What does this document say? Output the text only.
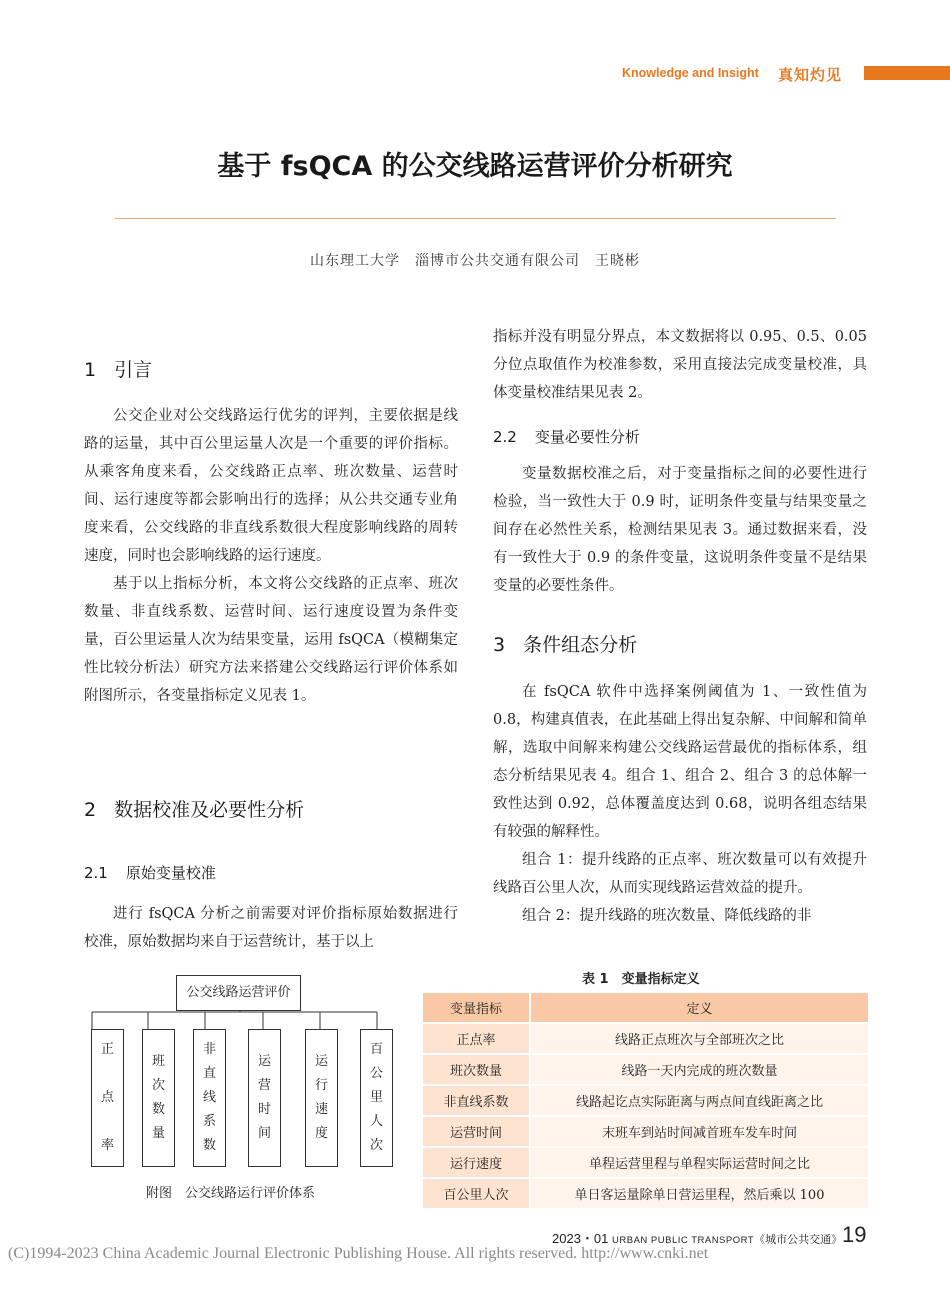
Knowledge and Insight 真知灼见
基于 fsQCA 的公交线路运营评价分析研究
山东理工大学　淄博市公共交通有限公司　王晓彬
1 引言

公交企业对公交线路运行优劣的评判，主要依据是线路的运量，其中百公里运量人次是一个重要的评价指标。从乘客角度来看，公交线路正点率、班次数量、运营时间、运行速度等都会影响出行的选择；从公共交通专业角度来看，公交线路的非直线系数很大程度影响线路的周转速度，同时也会影响线路的运行速度。

基于以上指标分析，本文将公交线路的正点率、班次数量、非直线系数、运营时间、运行速度设置为条件变量，百公里运量人次为结果变量，运用 fsQCA（模糊集定性比较分析法）研究方法来搭建公交线路运行评价体系如附图所示，各变量指标定义见表 1。

2 数据校准及必要性分析
2.1 原始变量校准

进行 fsQCA 分析之前需要对评价指标原始数据进行校准，原始数据均来自于运营统计，基于以上

指标并没有明显分界点，本文数据将以 0.95、0.5、0.05 分位点取值作为校准参数，采用直接法完成变量校准，具体变量校准结果见表 2。

2.2 变量必要性分析

变量数据校准之后，对于变量指标之间的必要性进行检验，当一致性大于 0.9 时，证明条件变量与结果变量之间存在必然性关系，检测结果见表 3。通过数据来看，没有一致性大于 0.9 的条件变量，这说明条件变量不是结果变量的必要性条件。

3 条件组态分析

在 fsQCA 软件中选择案例阈值为 1、一致性值为 0.8，构建真值表，在此基础上得出复杂解、中间解和简单解，选取中间解来构建公交线路运营最优的指标体系，组态分析结果见表 4。组合 1、组合 2、组合 3 的总体解一致性达到 0.92，总体覆盖度达到 0.68，说明各组态结果有较强的解释性。

组合 1：提升线路的正点率、班次数量可以有效提升线路百公里人次，从而实现线路运营效益的提升。

组合 2：提升线路的班次数量、降低线路的非

公交线路运营评价
正

点

率
班
次
数
量
非
直
线
系
数
运
营
时
间
运
行
速
度
百
公
里
人
次
附图　公交线路运行评价体系
表 1　变量指标定义
变量指标	定义
正点率	线路正点班次与全部班次之比
班次数量	线路一天内完成的班次数量
非直线系数	线路起讫点实际距离与两点间直线距离之比
运营时间	末班车到站时间减首班车发车时间
运行速度	单程运营里程与单程实际运营时间之比
百公里人次	单日客运量除单日营运里程，然后乘以 100
2023・01 URBAN PUBLIC TRANSPORT《城市公共交通》 19
(C)1994-2023 China Academic Journal Electronic Publishing House. All rights reserved. http://www.cnki.net
